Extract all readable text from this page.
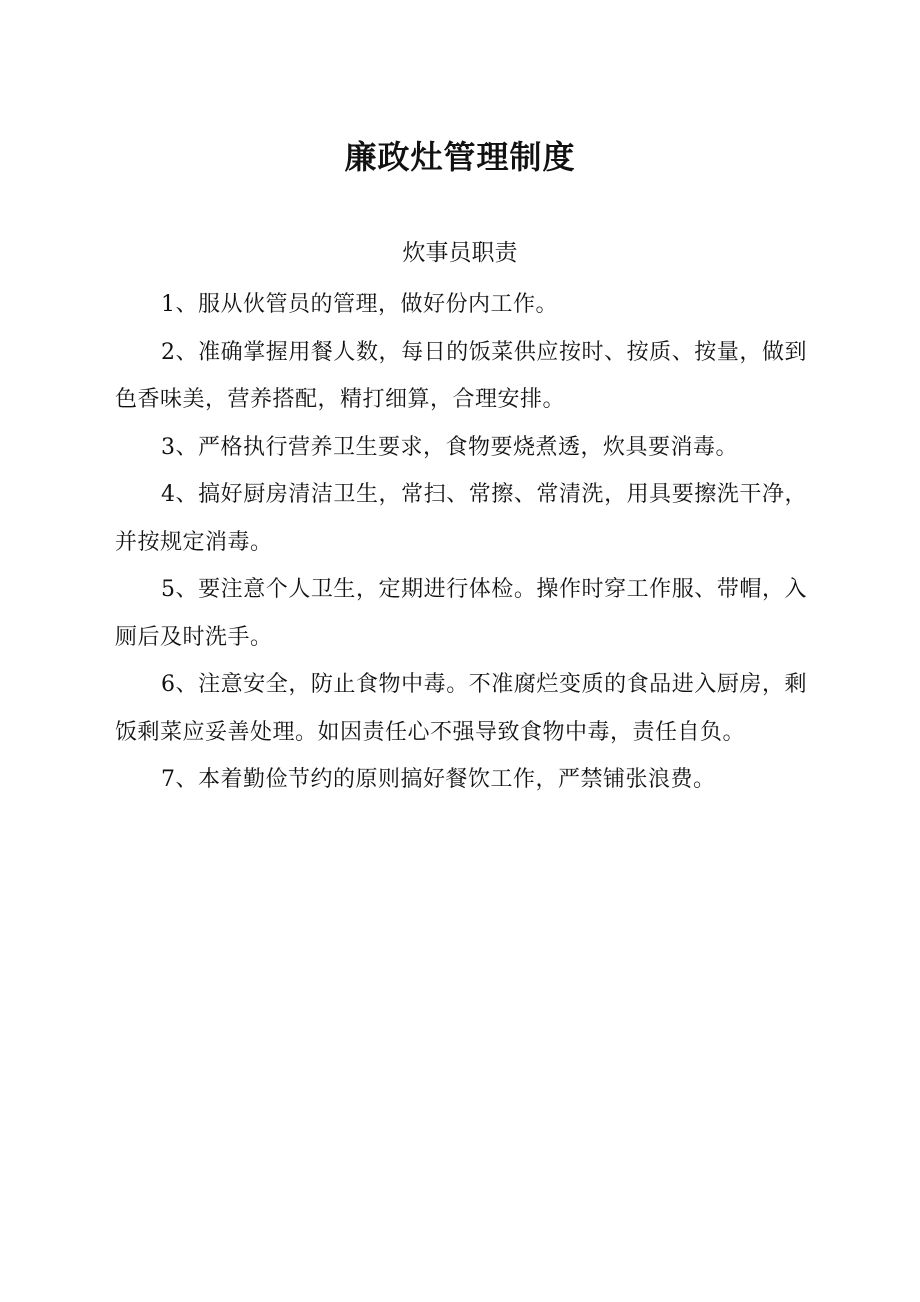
廉政灶管理制度
炊事员职责

1、服从伙管员的管理，做好份内工作。

2、准确掌握用餐人数，每日的饭菜供应按时、按质、按量，做到色香味美，营养搭配，精打细算，合理安排。

3、严格执行营养卫生要求，食物要烧煮透，炊具要消毒。

4、搞好厨房清洁卫生，常扫、常擦、常清洗，用具要擦洗干净，并按规定消毒。

5、要注意个人卫生，定期进行体检。操作时穿工作服、带帽，入厕后及时洗手。

6、注意安全，防止食物中毒。不准腐烂变质的食品进入厨房，剩饭剩菜应妥善处理。如因责任心不强导致食物中毒，责任自负。

7、本着勤俭节约的原则搞好餐饮工作，严禁铺张浪费。
